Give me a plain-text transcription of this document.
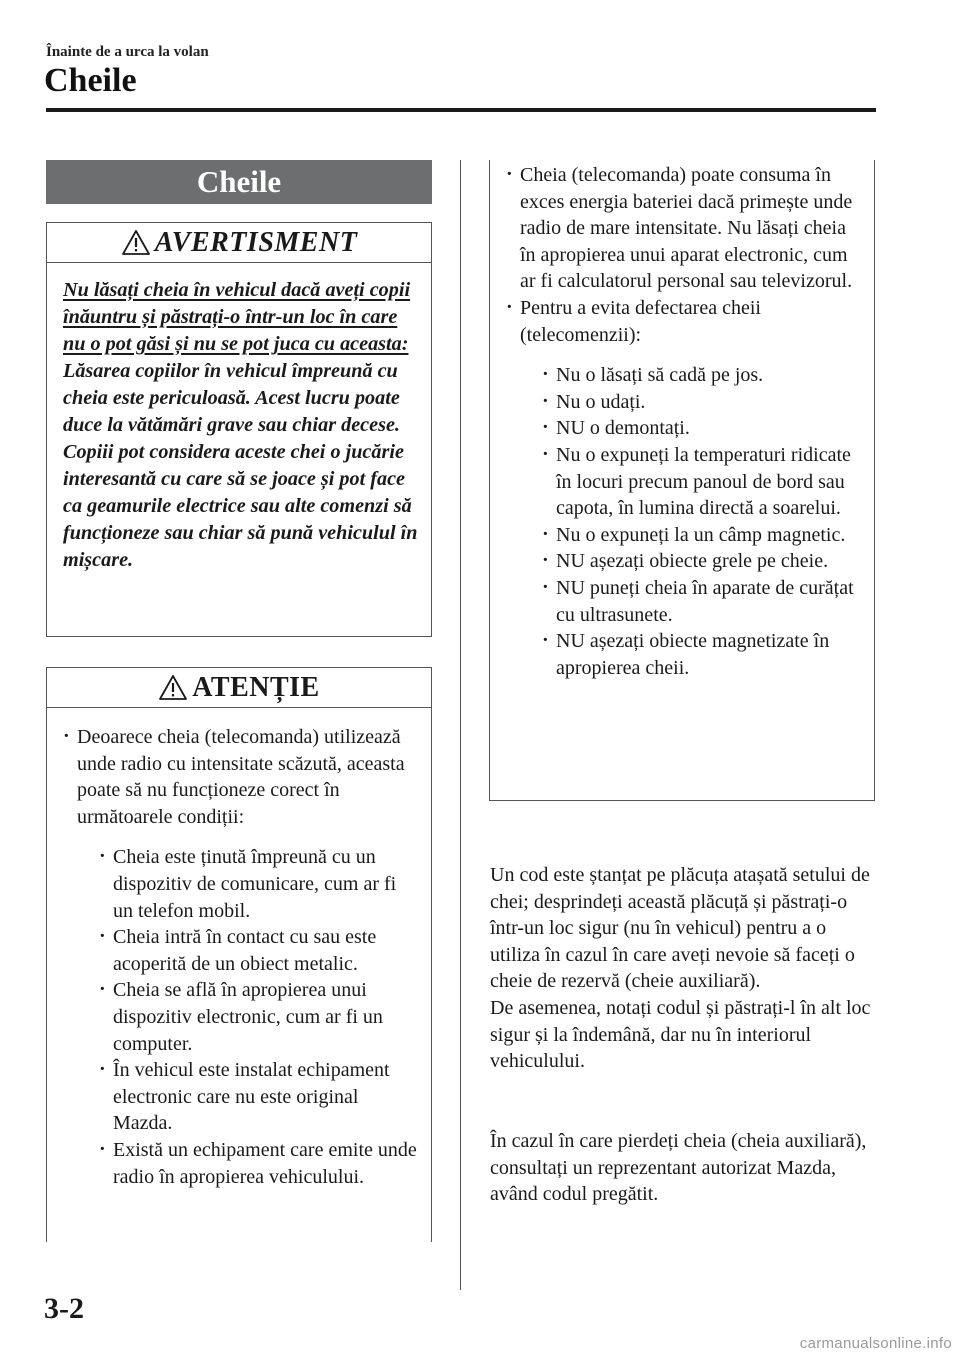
Înainte de a urca la volan
Cheile
Cheile
AVERTISMENT
Nu lăsați cheia în vehicul dacă aveți copii înăuntru și păstrați-o într-un loc în care nu o pot găsi și nu se pot juca cu aceasta:
Lăsarea copiilor în vehicul împreună cu cheia este periculoasă. Acest lucru poate duce la vătămări grave sau chiar decese. Copiii pot considera aceste chei o jucărie interesantă cu care să se joace și pot face ca geamurile electrice sau alte comenzi să funcționeze sau chiar să pună vehiculul în mișcare.
ATENȚIE
· Deoarece cheia (telecomanda) utilizează unde radio cu intensitate scăzută, aceasta poate să nu funcționeze corect în următoarele condiții:
· Cheia este ținută împreună cu un dispozitiv de comunicare, cum ar fi un telefon mobil.
· Cheia intră în contact cu sau este acoperită de un obiect metalic.
· Cheia se află în apropierea unui dispozitiv electronic, cum ar fi un computer.
· În vehicul este instalat echipament electronic care nu este original Mazda.
· Există un echipament care emite unde radio în apropierea vehiculului.
· Cheia (telecomanda) poate consuma în exces energia bateriei dacă primește unde radio de mare intensitate. Nu lăsați cheia în apropierea unui aparat electronic, cum ar fi calculatorul personal sau televizorul.
· Pentru a evita defectarea cheii (telecomenzii):
· Nu o lăsați să cadă pe jos.
· Nu o udați.
· NU o demontați.
· Nu o expuneți la temperaturi ridicate în locuri precum panoul de bord sau capota, în lumina directă a soarelui.
· Nu o expuneți la un câmp magnetic.
· NU așezați obiecte grele pe cheie.
· NU puneți cheia în aparate de curățat cu ultrasunete.
· NU așezați obiecte magnetizate în apropierea cheii.
Un cod este ștanțat pe plăcuța atașată setului de chei; desprindeți această plăcuță și păstrați-o într-un loc sigur (nu în vehicul) pentru a o utiliza în cazul în care aveți nevoie să faceți o cheie de rezervă (cheie auxiliară).
De asemenea, notați codul și păstrați-l în alt loc sigur și la îndemână, dar nu în interiorul vehiculului.
În cazul în care pierdeți cheia (cheia auxiliară), consultați un reprezentant autorizat Mazda, având codul pregătit.
3-2
carmanualsonline.info
